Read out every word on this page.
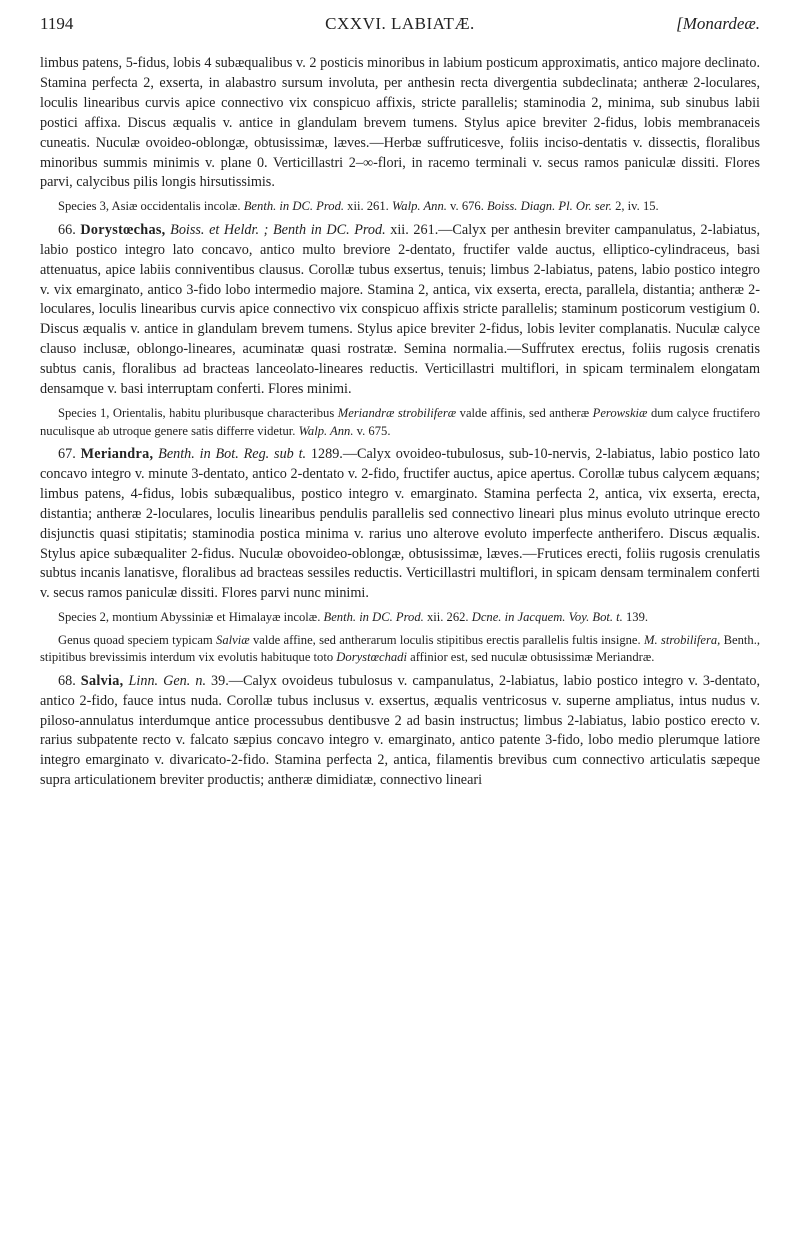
1194	CXXVI. LABIATÆ.	[Monardeæ.

limbus patens, 5-fidus, lobis 4 subæqualibus v. 2 posticis minoribus in labium posticum approximatis, antico majore declinato. Stamina perfecta 2, exserta, in alabastro sursum involuta, per anthesin recta divergentia subdeclinata; antheræ 2-loculares, loculis linearibus curvis apice connectivo vix conspicuo affixis, stricte parallelis; staminodia 2, minima, sub sinubus labii postici affixa. Discus æqualis v. antice in glandulam brevem tumens. Stylus apice breviter 2-fidus, lobis membranaceis cuneatis. Nuculæ ovoideo-oblongæ, obtusissimæ, læves.—Herbæ suffruticesve, foliis inciso-dentatis v. dissectis, floralibus minoribus summis minimis v. plane 0. Verticillastri 2–∞-flori, in racemo terminali v. secus ramos paniculæ dissiti. Flores parvi, calycibus pilis longis hirsutissimis.

Species 3, Asiæ occidentalis incolæ. Benth. in DC. Prod. xii. 261. Walp. Ann. v. 676. Boiss. Diagn. Pl. Or. ser. 2, iv. 15.

66. Dorystœchas, Boiss. et Heldr. ; Benth in DC. Prod. xii. 261.—Calyx per anthesin breviter campanulatus, 2-labiatus, labio postico integro lato concavo, antico multo breviore 2-dentato, fructifer valde auctus, elliptico-cylindraceus, basi attenuatus, apice labiis conniventibus clausus. Corollæ tubus exsertus, tenuis; limbus 2-labiatus, patens, labio postico integro v. vix emarginato, antico 3-fido lobo intermedio majore. Stamina 2, antica, vix exserta, erecta, parallela, distantia; antheræ 2-loculares, loculis linearibus curvis apice connectivo vix conspicuo affixis stricte parallelis; staminum posticorum vestigium 0. Discus æqualis v. antice in glandulam brevem tumens. Stylus apice breviter 2-fidus, lobis leviter complanatis. Nuculæ calyce clauso inclusæ, oblongo-lineares, acuminatæ quasi rostratæ. Semina normalia.—Suffrutex erectus, foliis rugosis crenatis subtus canis, floralibus ad bracteas lanceolato-lineares reductis. Verticillastri multiflori, in spicam terminalem elongatam densamque v. basi interruptam conferti. Flores minimi.

Species 1, Orientalis, habitu pluribusque characteribus Meriandræ strobiliferæ valde affinis, sed antheræ Perowskiæ dum calyce fructifero nuculisque ab utroque genere satis differre videtur. Walp. Ann. v. 675.

67. Meriandra, Benth. in Bot. Reg. sub t. 1289.—Calyx ovoideo-tubulosus, sub-10-nervis, 2-labiatus, labio postico lato concavo integro v. minute 3-dentato, antico 2-dentato v. 2-fido, fructifer auctus, apice apertus. Corollæ tubus calycem æquans; limbus patens, 4-fidus, lobis subæqualibus, postico integro v. emarginato. Stamina perfecta 2, antica, vix exserta, erecta, distantia; antheræ 2-loculares, loculis linearibus pendulis parallelis sed connectivo lineari plus minus evoluto utrinque erecto disjunctis quasi stipitatis; staminodia postica minima v. rarius uno alterove evoluto imperfecte antherifero. Discus æqualis. Stylus apice subæqualiter 2-fidus. Nuculæ obovoideo-oblongæ, obtusissimæ, læves.—Frutices erecti, foliis rugosis crenulatis subtus incanis lanatisve, floralibus ad bracteas sessiles reductis. Verticillastri multiflori, in spicam densam terminalem conferti v. secus ramos paniculæ dissiti. Flores parvi nunc minimi.

Species 2, montium Abyssiniæ et Himalayæ incolæ. Benth. in DC. Prod. xii. 262. Dcne. in Jacquem. Voy. Bot. t. 139.

Genus quoad speciem typicam Salviæ valde affine, sed antherarum loculis stipitibus erectis parallelis fultis insigne. M. strobilifera, Benth., stipitibus brevissimis interdum vix evolutis habituque toto Dorystœchadi affinior est, sed nuculæ obtusissimæ Meriandræ.

68. Salvia, Linn. Gen. n. 39.—Calyx ovoideus tubulosus v. campanulatus, 2-labiatus, labio postico integro v. 3-dentato, antico 2-fido, fauce intus nuda. Corollæ tubus inclusus v. exsertus, æqualis ventricosus v. superne ampliatus, intus nudus v. piloso-annulatus interdumque antice processubus dentibusve 2 ad basin instructus; limbus 2-labiatus, labio postico erecto v. rarius subpatente recto v. falcato sæpius concavo integro v. emarginato, antico patente 3-fido, lobo medio plerumque latiore integro emarginato v. divaricato-2-fido. Stamina perfecta 2, antica, filamentis brevibus cum connectivo articulatis sæpeque supra articulationem breviter productis; antheræ dimidiatæ, connectivo lineari
